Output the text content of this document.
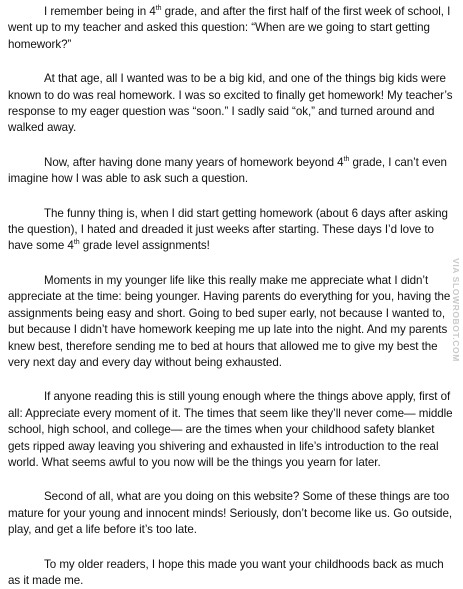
I remember being in 4th grade, and after the first half of the first week of school, I went up to my teacher and asked this question: “When are we going to start getting homework?”

At that age, all I wanted was to be a big kid, and one of the things big kids were known to do was real homework. I was so excited to finally get homework! My teacher’s response to my eager question was “soon.” I sadly said “ok,” and turned around and walked away.

Now, after having done many years of homework beyond 4th grade, I can’t even imagine how I was able to ask such a question.

The funny thing is, when I did start getting homework (about 6 days after asking the question), I hated and dreaded it just weeks after starting. These days I’d love to have some 4th grade level assignments!

Moments in my younger life like this really make me appreciate what I didn’t appreciate at the time: being younger. Having parents do everything for you, having the assignments being easy and short. Going to bed super early, not because I wanted to, but because I didn’t have homework keeping me up late into the night. And my parents knew best, therefore sending me to bed at hours that allowed me to give my best the very next day and every day without being exhausted.

If anyone reading this is still young enough where the things above apply, first of all: Appreciate every moment of it. The times that seem like they’ll never come— middle school, high school, and college— are the times when your childhood safety blanket gets ripped away leaving you shivering and exhausted in life’s introduction to the real world. What seems awful to you now will be the things you yearn for later.

Second of all, what are you doing on this website? Some of these things are too mature for your young and innocent minds! Seriously, don’t become like us. Go outside, play, and get a life before it’s too late.

To my older readers, I hope this made you want your childhoods back as much as it made me.

VIA SLOWROBOT.COM
